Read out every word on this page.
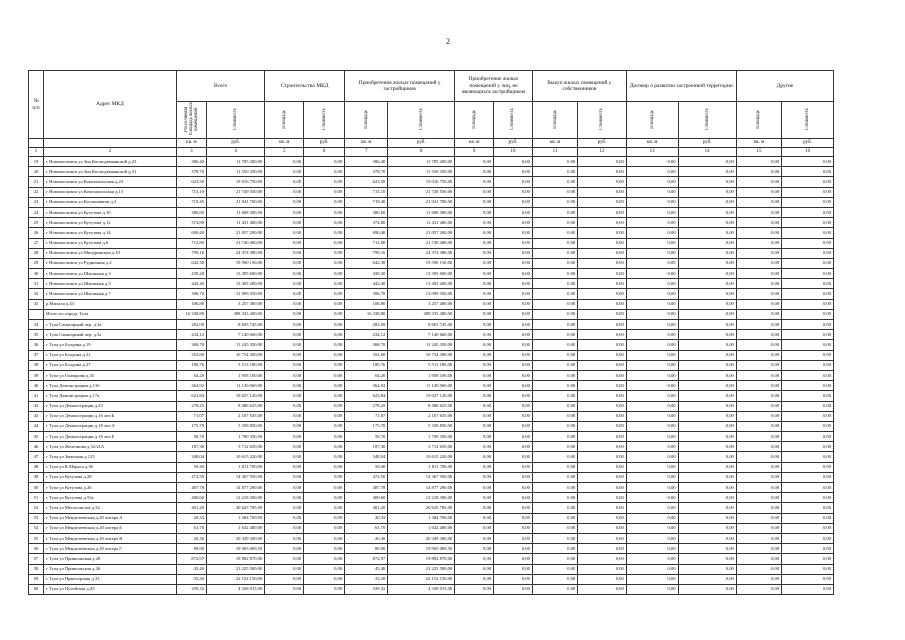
2
№ п/п	Адрес МКД	Всего		Строительство МКД		Приобретение жилых помещений у застройщиков		Приобретение жилых помещений у лиц, не являющихся застройщиком		Выкуп жилых помещений у собственников		Договор о развитии застроенной территории		Другие	
		Расселяемая площадь жилых помещений	Стоимость	Площадь	Стоимость	Площадь	Стоимость	Площадь	Стоимость	Площадь	Стоимость	Площадь	Стоимость	Площадь	Стоимость
		кв. м	руб.	кв. м	руб.	кв. м	руб.	кв. м	руб.	кв. м	руб.	кв. м	руб.	кв. м	руб.
1	2	3	4	5	6	7	8	9	10	11	12	13	14	15	16
19	г Новомосковск ул Зои Космодемьянской д.23	386,40	11 785 200,00	0,00	0,00	386,40	11 785 200,00	0,00	0,00	0,00	0,00	0,00	0,00	0,00	0,00
20	г Новомосковск ул Зои Космодемьянской д.31	378,70	11 550 350,00	0,00	0,00	378,70	11 550 350,00	0,00	0,00	0,00	0,00	0,00	0,00	0,00	0,00
21	г Новомосковск ул Комсомольская д.23	623,50	19 016 750,00	0,00	0,00	623,50	19 016 750,00	0,00	0,00	0,00	0,00	0,00	0,00	0,00	0,00
22	г Новомосковск ул Комсомольская д.15	713,10	21 749 550,00	0,00	0,00	713,10	21 749 550,00	0,00	0,00	0,00	0,00	0,00	0,00	0,00	0,00
23	г Новомосковск ул Космонавтов д.3	719,40	21 941 700,00	0,00	0,00	719,40	21 941 700,00	0,00	0,00	0,00	0,00	0,00	0,00	0,00	0,00
24	г Новомосковск ул Кутузова д.10	380,60	11 608 300,00	0,00	0,00	380,60	11 608 300,00	0,00	0,00	0,00	0,00	0,00	0,00	0,00	0,00
25	г Новомосковск ул Кутузова д.12	374,80	11 431 400,00	0,00	0,00	374,80	11 431 400,00	0,00	0,00	0,00	0,00	0,00	0,00	0,00	0,00
26	г Новомосковск ул Кутузова д.14	690,40	21 057 200,00	0,00	0,00	690,40	21 057 200,00	0,00	0,00	0,00	0,00	0,00	0,00	0,00	0,00
27	г Новомосковск ул Кутузова д.6	712,80	21 740 400,00	0,00	0,00	712,80	21 740 400,00	0,00	0,00	0,00	0,00	0,00	0,00	0,00	0,00
28	г Новомосковск ул Мичуринская д.10	799,16	24 374 380,00	0,00	0,00	799,16	24 374 380,00	0,00	0,00	0,00	0,00	0,00	0,00	0,00	0,00
29	г Новомосковск ул Рудничная д.2	642,30	19 590 150,00	0,00	0,00	642,30	19 590 150,00	0,00	0,00	0,00	0,00	0,00	0,00	0,00	0,00
30	г Новомосковск ул Школьная д.3	439,20	13 395 600,00	0,00	0,00	439,20	13 395 600,00	0,00	0,00	0,00	0,00	0,00	0,00	0,00	0,00
31	г Новомосковск ул Школьная д.5	442,40	13 493 200,00	0,00	0,00	442,40	13 493 200,00	0,00	0,00	0,00	0,00	0,00	0,00	0,00	0,00
32	г Новомосковск ул Школьная д.7	396,70	12 099 350,00	0,00	0,00	396,70	12 099 350,00	0,00	0,00	0,00	0,00	0,00	0,00	0,00	0,00
33	р Михала д.43	106,80	3 257 400,00	0,00	0,00	106,80	3 257 400,00	0,00	0,00	0,00	0,00	0,00	0,00	0,00	0,00
	Итого по городу Тула	16 338,80	498 333 400,00	0,00	0,00	16 338,80	498 333 400,00	0,00	0,00	0,00	0,00	0,00	0,00	0,00	0,00
34	г Тула Санаторный пер. д.3а	282,09	8 603 745,00	0,00	0,00	282,09	8 603 745,00	0,00	0,00	0,00	0,00	0,00	0,00	0,00	0,00
35	г Тула Санаторный пер. д.5а	234,12	7 140 660,00	0,00	0,00	234,12	7 140 660,00	0,00	0,00	0,00	0,00	0,00	0,00	0,00	0,00
36	г Тула ул Болдина д.19	368,70	11 245 350,00	0,00	0,00	368,70	11 245 350,00	0,00	0,00	0,00	0,00	0,00	0,00	0,00	0,00
37	г Тула ул Болдина д.21	352,60	10 754 300,00	0,00	0,00	352,60	10 754 300,00	0,00	0,00	0,00	0,00	0,00	0,00	0,00	0,00
38	г Тула ул Болдина д.27	180,76	5 513 180,00	0,00	0,00	180,76	5 513 180,00	0,00	0,00	0,00	0,00	0,00	0,00	0,00	0,00
39	г Тула ул Гончарова д.35	64,20	1 958 100,00	0,00	0,00	64,20	1 958 100,00	0,00	0,00	0,00	0,00	0,00	0,00	0,00	0,00
40	г Тула Демонстрации д.13б	364,92	11 130 060,00	0,00	0,00	364,92	11 130 060,00	0,00	0,00	0,00	0,00	0,00	0,00	0,00	0,00
41	г Тула Демонстрации д.17а	623,84	19 027 120,00	0,00	0,00	623,84	19 027 120,00	0,00	0,00	0,00	0,00	0,00	0,00	0,00	0,00
42	г Тула ул Демонстрации д.23	278,25	8 486 625,00	0,00	0,00	278,25	8 486 625,00	0,00	0,00	0,00	0,00	0,00	0,00	0,00	0,00
43	г Тула ул Демонстрации д.16 лит.Б	71,07	2 167 635,00	0,00	0,00	71,07	2 167 635,00	0,00	0,00	0,00	0,00	0,00	0,00	0,00	0,00
44	г Тула ул Демонстрации д.18 лит.А	175,70	5 358 850,00	0,00	0,00	175,70	5 358 850,00	0,00	0,00	0,00	0,00	0,00	0,00	0,00	0,00
45	г Тула ул Демонстрации д.18 лит.Б	58,70	1 790 350,00	0,00	0,00	58,70	1 790 350,00	0,00	0,00	0,00	0,00	0,00	0,00	0,00	0,00
46	г Тула ул Железнова д.32/21А	187,30	5 712 650,00	0,00	0,00	187,30	5 712 650,00	0,00	0,00	0,00	0,00	0,00	0,00	0,00	0,00
47	г Тула ул Замочная д.125	348,04	10 615 220,00	0,00	0,00	348,04	10 615 220,00	0,00	0,00	0,00	0,00	0,00	0,00	0,00	0,00
48	г Тула ул К.Маркса д.36	59,40	1 811 700,00	0,00	0,00	59,40	1 811 700,00	0,00	0,00	0,00	0,00	0,00	0,00	0,00	0,00
49	г Тула ул Кутузова д.28	472,50	14 367 950,00	0,00	0,00	472,50	14 367 950,00	0,00	0,00	0,00	0,00	0,00	0,00	0,00	0,00
50	г Тула ул Кутузова д.26	487,78	14 877 290,00	0,00	0,00	487,78	14 877 290,00	0,00	0,00	0,00	0,00	0,00	0,00	0,00	0,00
51	г Тула ул Кутузова д.53а	400,60	12 218 300,00	0,00	0,00	400,60	12 218 300,00	0,00	0,00	0,00	0,00	0,00	0,00	0,00	0,00
52	г Тула ул Металлистов д.32	401,20	20 625 785,00	0,00	0,00	401,20	20 625 785,00	0,00	0,00	0,00	0,00	0,00	0,00	0,00	0,00
53	г Тула ул Менделеевская д.20 литера А	20,33	1 384 700,00	0,00	0,00	20,33	1 384 700,00	0,00	0,00	0,00	0,00	0,00	0,00	0,00	0,00
54	г Тула ул Менделеевская д.20 литера Б	61,70	1 632 400,00	0,00	0,00	61,70	1 632 400,00	0,00	0,00	0,00	0,00	0,00	0,00	0,00	0,00
55	г Тула ул Менделеевская д.20 литера В	20,30	20 349 300,00	0,00	0,00	20,30	20 349 300,00	0,00	0,00	0,00	0,00	0,00	0,00	0,00	0,00
56	г Тула ул Менделеевская д.20 литера Г	89,90	19 965 069,50	0,00	0,00	89,90	19 965 069,50	0,00	0,00	0,00	0,00	0,00	0,00	0,00	0,00
57	г Тула ул Приволжская д.20	872,97	19 882 870,00	0,00	0,00	872,97	19 882 870,00	0,00	0,00	0,00	0,00	0,00	0,00	0,00	0,00
58	г Тула ул Приволжская д.26	45,40	21 225 500,00	0,00	0,00	45,40	21 225 500,00	0,00	0,00	0,00	0,00	0,00	0,00	0,00	0,00
59	г Тула ул Пржегорская д.33	33,20	22 152 150,00	0,00	0,00	33,20	22 152 150,00	0,00	0,00	0,00	0,00	0,00	0,00	0,00	0,00
60	г Тула ул Путейская д.43	339,32	4 338 015,00	0,00	0,00	339,32	4 338 015,00	0,00	0,00	0,00	0,00	0,00	0,00	0,00	0,00
